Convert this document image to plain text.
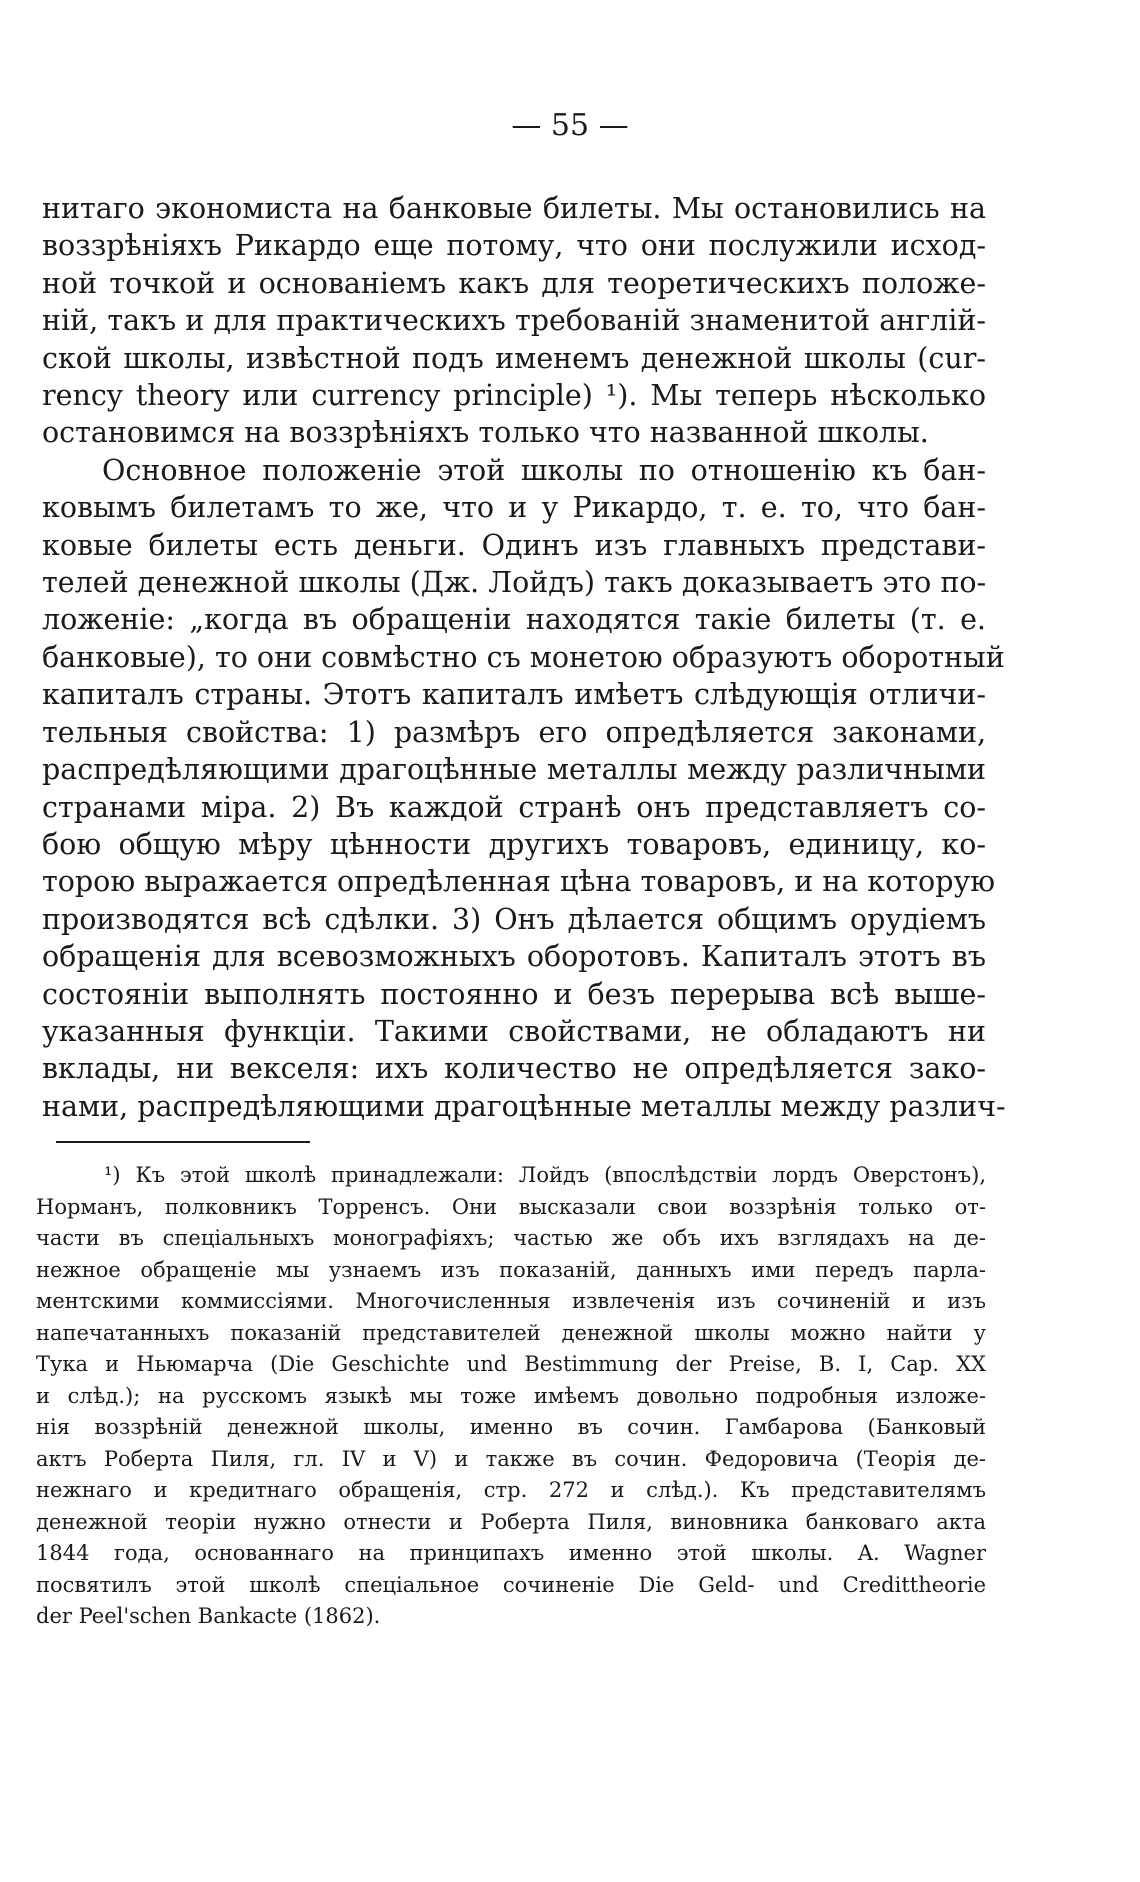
— 55 —
нитаго экономиста на банковые билеты. Мы остановились на
воззрѣніяхъ Рикардо еще потому, что они послужили исход-
ной точкой и основаніемъ какъ для теоретическихъ положе-
ній, такъ и для практическихъ требованій знаменитой англій-
ской школы, извѣстной подъ именемъ денежной школы (cur-
rency theory или currency principle) ¹). Мы теперь нѣсколько
остановимся на воззрѣніяхъ только что названной школы.
Основное положеніе этой школы по отношенію къ бан-
ковымъ билетамъ то же, что и у Рикардо, т. е. то, что бан-
ковые билеты есть деньги. Одинъ изъ главныхъ представи-
телей денежной школы (Дж. Лойдъ) такъ доказываетъ это по-
ложеніе: „когда въ обращеніи находятся такіе билеты (т. е.
банковые), то они совмѣстно съ монетою образуютъ оборотный
капиталъ страны. Этотъ капиталъ имѣетъ слѣдующія отличи-
тельныя свойства: 1) размѣръ его опредѣляется законами,
распредѣляющими драгоцѣнные металлы между различными
странами міра. 2) Въ каждой странѣ онъ представляетъ со-
бою общую мѣру цѣнности другихъ товаровъ, единицу, ко-
торою выражается опредѣленная цѣна товаровъ, и на которую
производятся всѣ сдѣлки. 3) Онъ дѣлается общимъ орудіемъ
обращенія для всевозможныхъ оборотовъ. Капиталъ этотъ въ
состояніи выполнять постоянно и безъ перерыва всѣ выше-
указанныя функціи. Такими свойствами, не обладаютъ ни
вклады, ни векселя: ихъ количество не опредѣляется зако-
нами, распредѣляющими драгоцѣнные металлы между различ-
¹) Къ этой школѣ принадлежали: Лойдъ (впослѣдствіи лордъ Оверстонъ),
Норманъ, полковникъ Торренсъ. Они высказали свои воззрѣнія только от-
части въ спеціальныхъ монографіяхъ; частью же объ ихъ взглядахъ на де-
нежное обращеніе мы узнаемъ изъ показаній, данныхъ ими передъ парла-
ментскими коммиссіями. Многочисленныя извлеченія изъ сочиненій и изъ
напечатанныхъ показаній представителей денежной школы можно найти у
Тука и Ньюмарча (Die Geschichte und Bestimmung der Preise, B. I, Cap. XX
и слѣд.); на русскомъ языкѣ мы тоже имѣемъ довольно подробныя изложе-
нія воззрѣній денежной школы, именно въ сочин. Гамбарова (Банковый
актъ Роберта Пиля, гл. IV и V) и также въ сочин. Федоровича (Теорія де-
нежнаго и кредитнаго обращенія, стр. 272 и слѣд.). Къ представителямъ
денежной теоріи нужно отнести и Роберта Пиля, виновника банковаго акта
1844 года, основаннаго на принципахъ именно этой школы. A. Wagner
посвятилъ этой школѣ спеціальное сочиненіе Die Geld- und Credittheorie
der Peel'schen Bankacte (1862).
